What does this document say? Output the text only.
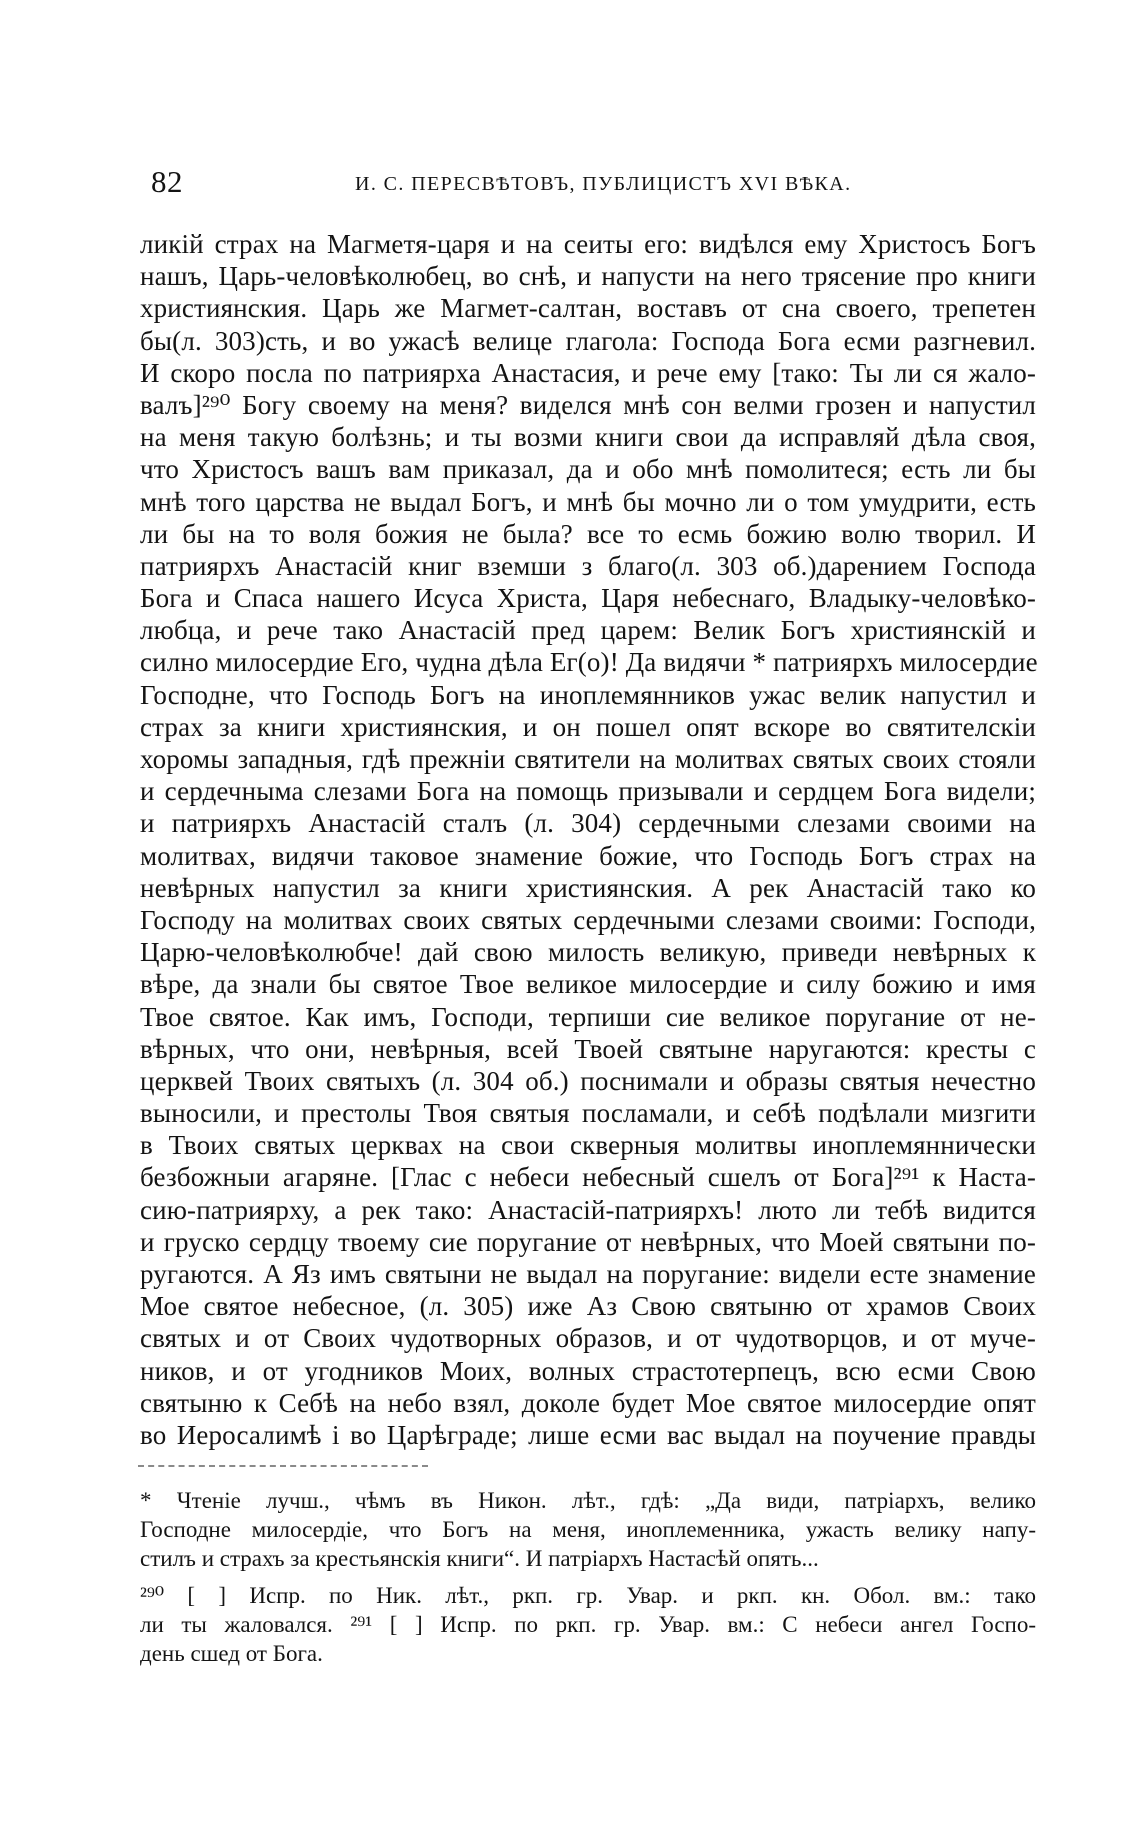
82	И. С. ПЕРЕСВѢТОВЪ, ПУБЛИЦИСТЪ XVI ВѢКА.
ликій страх на Магметя-царя и на сеиты его: видѣлся ему Христосъ Богъ
нашъ, Царь-человѣколюбец, во снѣ, и напусти на него трясение про книги
християнския. Царь же Магмет-салтан, воставъ от сна своего, трепетен
бы(л. 303)сть, и во ужасѣ велице глагола: Господа Бога есми разгневил.
И скоро посла по патриярха Анастасия, и рече ему [тако: Ты ли ся жало-
валъ]²⁹⁰ Богу своему на меня? виделся мнѣ сон велми грозен и напустил
на меня такую болѣзнь; и ты возми книги свои да исправляй дѣла своя,
что Христосъ вашъ вам приказал, да и обо мнѣ помолитеся; есть ли бы
мнѣ того царства не выдал Богъ, и мнѣ бы мочно ли о том умудрити, есть
ли бы на то воля божия не была? все то есмь божию волю творил. И
патриярхъ Анастасій книг вземши з благо(л. 303 об.)дарением Господа
Бога и Спаса нашего Исуса Христа, Царя небеснаго, Владыку-человѣко-
любца, и рече тако Анастасій пред царем: Велик Богъ християнскій и
силно милосердие Его, чудна дѣла Ег(о)! Да видячи * патриярхъ милосердие
Господне, что Господь Богъ на иноплемянников ужас велик напустил и
страх за книги християнския, и он пошел опят вскоре во святителскіи
хоромы западныя, гдѣ прежніи святители на молитвах святых своих стояли
и сердечныма слезами Бога на помощь призывали и сердцем Бога видели;
и патриярхъ Анастасій сталъ (л. 304) сердечными слезами своими на
молитвах, видячи таковое знамение божие, что Господь Богъ страх на
невѣрных напустил за книги християнския. А рек Анастасій тако ко
Господу на молитвах своих святых сердечными слезами своими: Господи,
Царю-человѣколюбче! дай свою милость великую, приведи невѣрных к
вѣре, да знали бы святое Твое великое милосердие и силу божию и имя
Твое святое. Как имъ, Господи, терпиши сие великое поругание от не-
вѣрных, что они, невѣрныя, всей Твоей святыне наругаются: кресты с
церквей Твоих святыхъ (л. 304 об.) поснимали и образы святыя нечестно
выносили, и престолы Твоя святыя посламали, и себѣ подѣлали мизгити
в Твоих святых церквах на свои скверныя молитвы иноплемяннически
безбожныи агаряне. [Глас с небеси небесный сшелъ от Бога]²⁹¹ к Наста-
сию-патриярху, а рек тако: Анастасій-патриярхъ! люто ли тебѣ видится
и груско сердцу твоему сие поругание от невѣрных, что Моей святыни по-
ругаются. А Яз имъ святыни не выдал на поругание: видели есте знамение
Мое святое небесное, (л. 305) иже Аз Свою святыню от храмов Своих
святых и от Своих чудотворных образов, и от чудотворцов, и от муче-
ников, и от угодников Моих, волных страстотерпецъ, всю есми Свою
святыню к Себѣ на небо взял, доколе будет Мое святое милосердие опят
во Иеросалимѣ і во Царѣграде; лише есми вас выдал на поучение правды
* Чтеніе лучш., чѣмъ въ Никон. лѣт., гдѣ: „Да види, патріархъ, велико
Господне милосердіе, что Богъ на меня, иноплеменника, ужасть велику напу-
стилъ и страхъ за крестьянскія книги“. И патріархъ Настасѣй опять...
²⁹⁰ [ ] Испр. по Ник. лѣт., ркп. гр. Увар. и ркп. кн. Обол. вм.: тако
ли ты жаловался. ²⁹¹ [ ] Испр. по ркп. гр. Увар. вм.: С небеси ангел Госпо-
день сшед от Бога.
